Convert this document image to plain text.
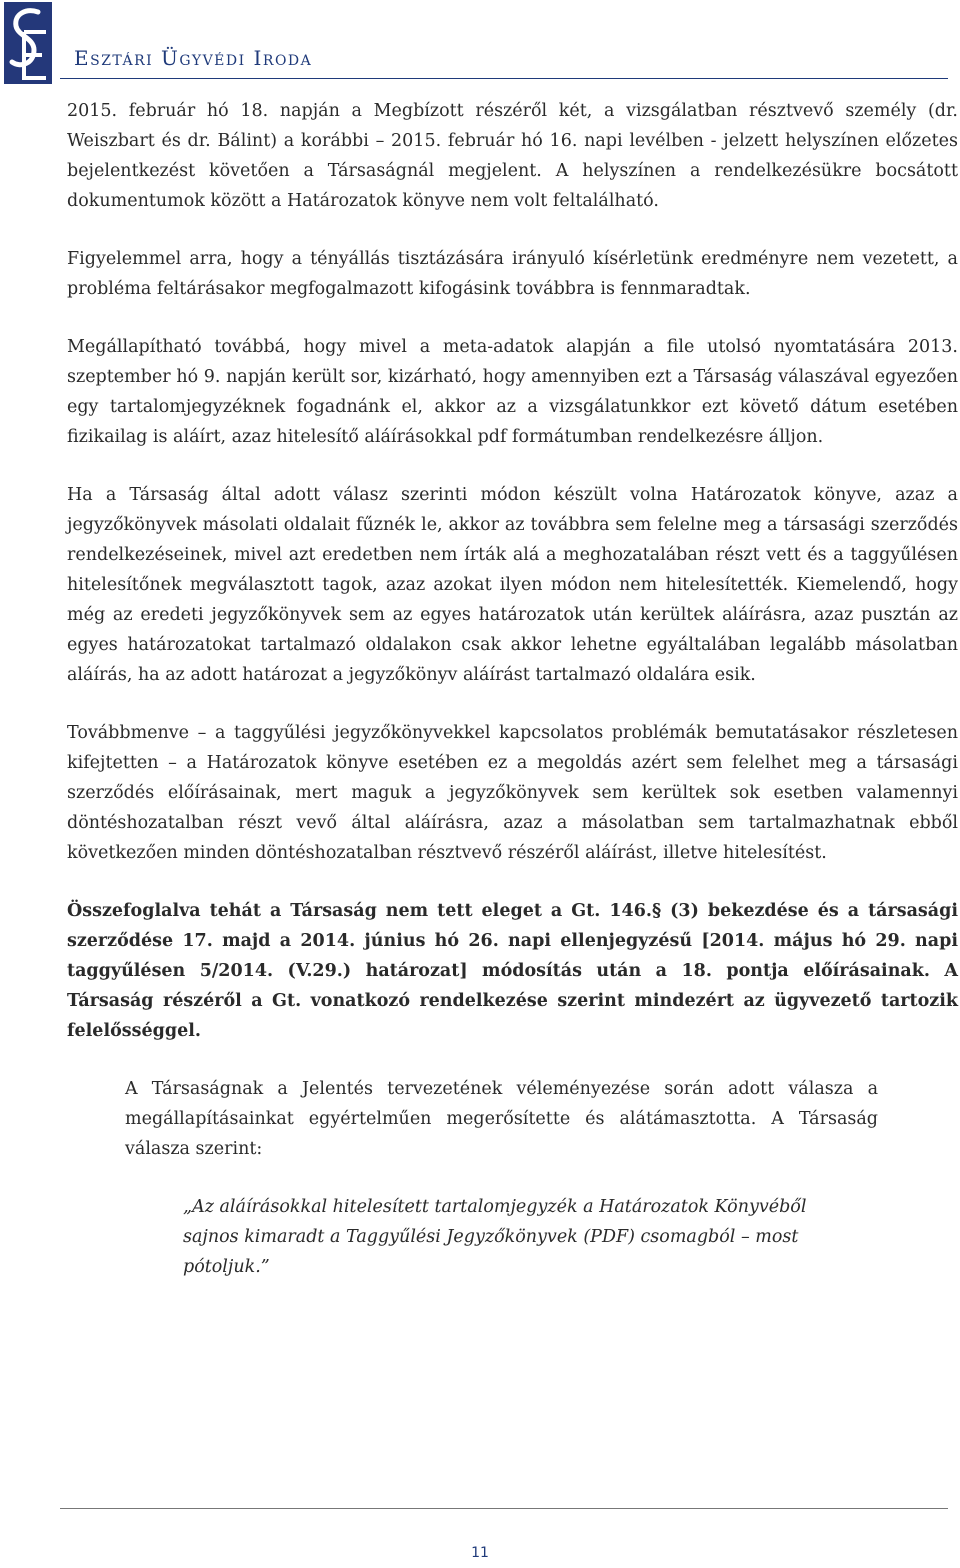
Esztári Ügyvédi Iroda

2015. február hó 18. napján a Megbízott részéről két, a vizsgálatban résztvevő személy (dr. Weiszbart és dr. Bálint) a korábbi – 2015. február hó 16. napi levélben - jelzett helyszínen előzetes bejelentkezést követően a Társaságnál megjelent. A helyszínen a rendelkezésükre bocsátott dokumentumok között a Határozatok könyve nem volt feltalálható.

Figyelemmel arra, hogy a tényállás tisztázására irányuló kísérletünk eredményre nem vezetett, a probléma feltárásakor megfogalmazott kifogásink továbbra is fennmaradtak.

Megállapítható továbbá, hogy mivel a meta-adatok alapján a file utolsó nyomtatására 2013. szeptember hó 9. napján került sor, kizárható, hogy amennyiben ezt a Társaság válaszával egyezően egy tartalomjegyzéknek fogadnánk el, akkor az a vizsgálatunkkor ezt követő dátum esetében fizikailag is aláírt, azaz hitelesítő aláírásokkal pdf formátumban rendelkezésre álljon.

Ha a Társaság által adott válasz szerinti módon készült volna Határozatok könyve, azaz a jegyzőkönyvek másolati oldalait fűznék le, akkor az továbbra sem felelne meg a társasági szerződés rendelkezéseinek, mivel azt eredetben nem írták alá a meghozatalában részt vett és a taggyűlésen hitelesítőnek megválasztott tagok, azaz azokat ilyen módon nem hitelesítették. Kiemelendő, hogy még az eredeti jegyzőkönyvek sem az egyes határozatok után kerültek aláírásra, azaz pusztán az egyes határozatokat tartalmazó oldalakon csak akkor lehetne egyáltalában legalább másolatban aláírás, ha az adott határozat a jegyzőkönyv aláírást tartalmazó oldalára esik.

Továbbmenve – a taggyűlési jegyzőkönyvekkel kapcsolatos problémák bemutatásakor részletesen kifejtetten – a Határozatok könyve esetében ez a megoldás azért sem felelhet meg a társasági szerződés előírásainak, mert maguk a jegyzőkönyvek sem kerültek sok esetben valamennyi döntéshozatalban részt vevő által aláírásra, azaz a másolatban sem tartalmazhatnak ebből következően minden döntéshozatalban résztvevő részéről aláírást, illetve hitelesítést.

Összefoglalva tehát a Társaság nem tett eleget a Gt. 146.§ (3) bekezdése és a társasági szerződése 17. majd a 2014. június hó 26. napi ellenjegyzésű [2014. május hó 29. napi taggyűlésen 5/2014. (V.29.) határozat] módosítás után a 18. pontja előírásainak. A Társaság részéről a Gt. vonatkozó rendelkezése szerint mindezért az ügyvezető tartozik felelősséggel.

A Társaságnak a Jelentés tervezetének véleményezése során adott válasza a megállapításainkat egyértelműen megerősítette és alátámasztotta. A Társaság válasza szerint:

„Az aláírásokkal hitelesített tartalomjegyzék a Határozatok Könyvéből sajnos kimaradt a Taggyűlési Jegyzőkönyvek (PDF) csomagból – most pótoljuk.”

11
